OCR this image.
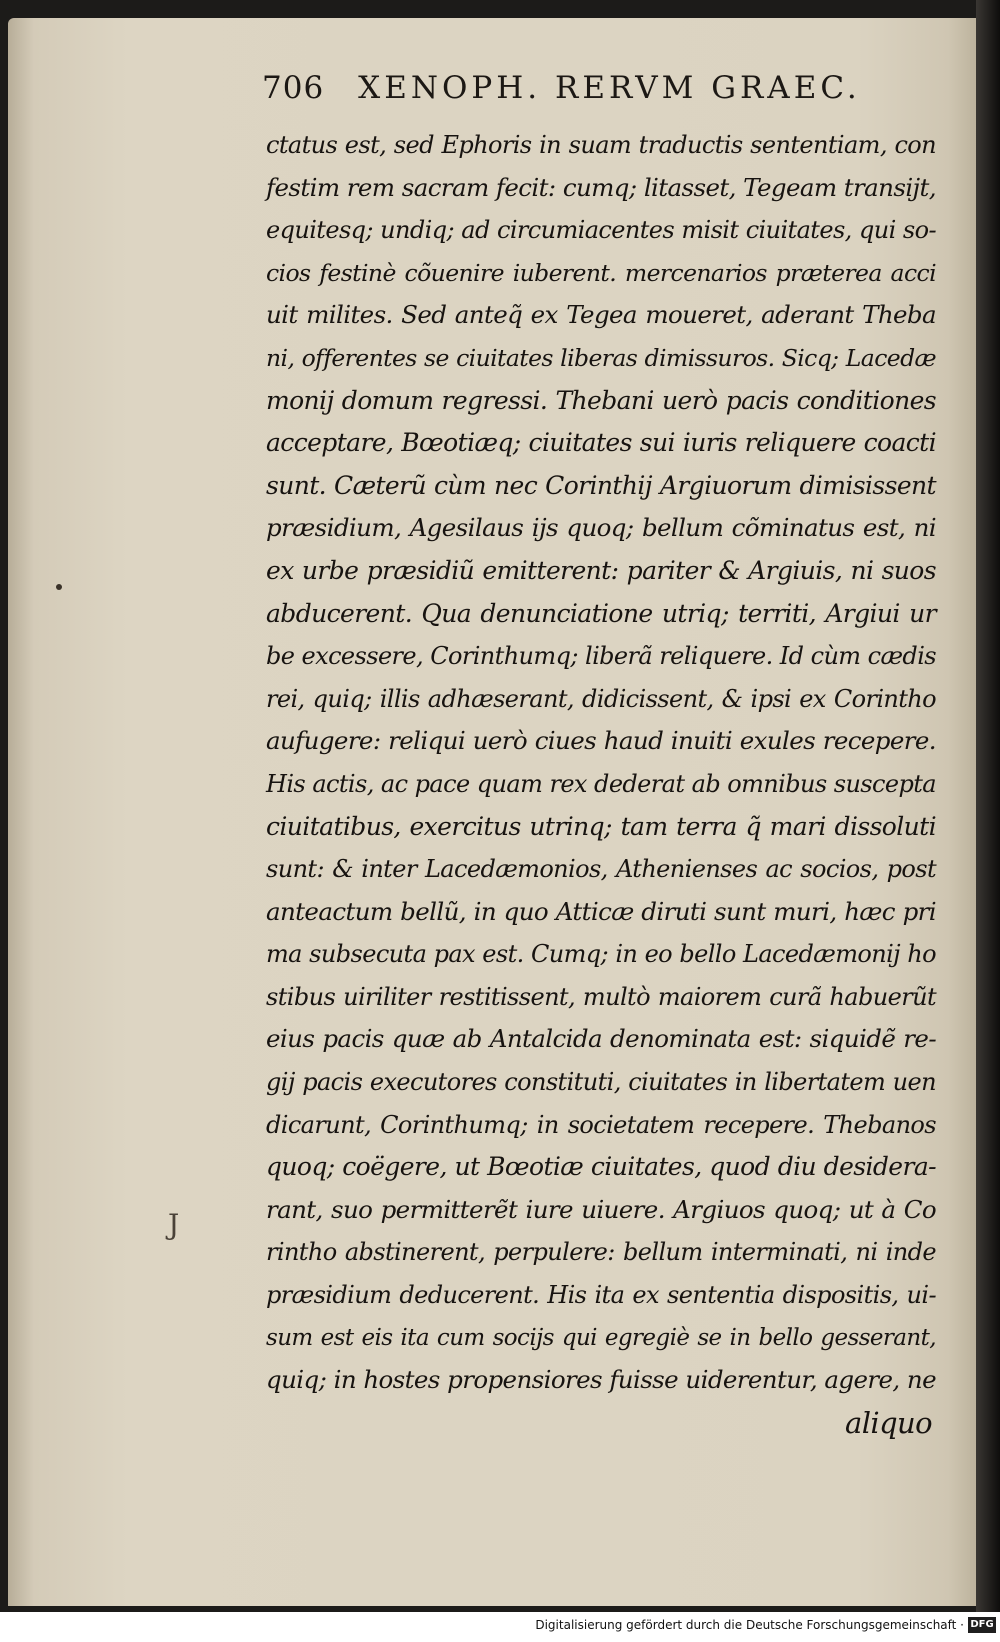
706 XENOPH. RERVM GRAEC.
ctatus est, sed Ephoris in suam traductis sententiam, con
festim rem sacram fecit: cumq; litasset, Tegeam transijt,
equitesq; undiq; ad circumiacentes misit ciuitates, qui so-
cios festinè cõuenire iuberent. mercenarios præterea acci
uit milites. Sed anteq̃ ex Tegea moueret, aderant Theba
ni, offerentes se ciuitates liberas dimissuros. Sicq; Lacedæ
monij domum regressi. Thebani uerò pacis conditiones
acceptare, Bœotiæq; ciuitates sui iuris reliquere coacti
sunt. Cæterũ cùm nec Corinthij Argiuorum dimisissent
præsidium, Agesilaus ijs quoq; bellum cõminatus est, ni
ex urbe præsidiũ emitterent: pariter & Argiuis, ni suos
abducerent. Qua denunciatione utriq; territi, Argiui ur
be excessere, Corinthumq; liberã reliquere. Id cùm cædis
rei, quiq; illis adhæserant, didicissent, & ipsi ex Corintho
aufugere: reliqui uerò ciues haud inuiti exules recepere.
His actis, ac pace quam rex dederat ab omnibus suscepta
ciuitatibus, exercitus utrinq; tam terra q̃ mari dissoluti
sunt: & inter Lacedæmonios, Athenienses ac socios, post
anteactum bellũ, in quo Atticæ diruti sunt muri, hæc pri
ma subsecuta pax est. Cumq; in eo bello Lacedæmonij ho
stibus uiriliter restitissent, multò maiorem curã habuerũt
eius pacis quæ ab Antalcida denominata est: siquidẽ re-
gij pacis executores constituti, ciuitates in libertatem uen
dicarunt, Corinthumq; in societatem recepere. Thebanos
quoq; coëgere, ut Bœotiæ ciuitates, quod diu desidera-
rant, suo permitterẽt iure uiuere. Argiuos quoq; ut à Co
rintho abstinerent, perpulere: bellum interminati, ni inde
præsidium deducerent. His ita ex sententia dispositis, ui-
sum est eis ita cum socijs qui egregiè se in bello gesserant,
quiq; in hostes propensiores fuisse uiderentur, agere, ne
aliquo
J
Digitalisierung gefördert durch die Deutsche Forschungsgemeinschaft · DFG
